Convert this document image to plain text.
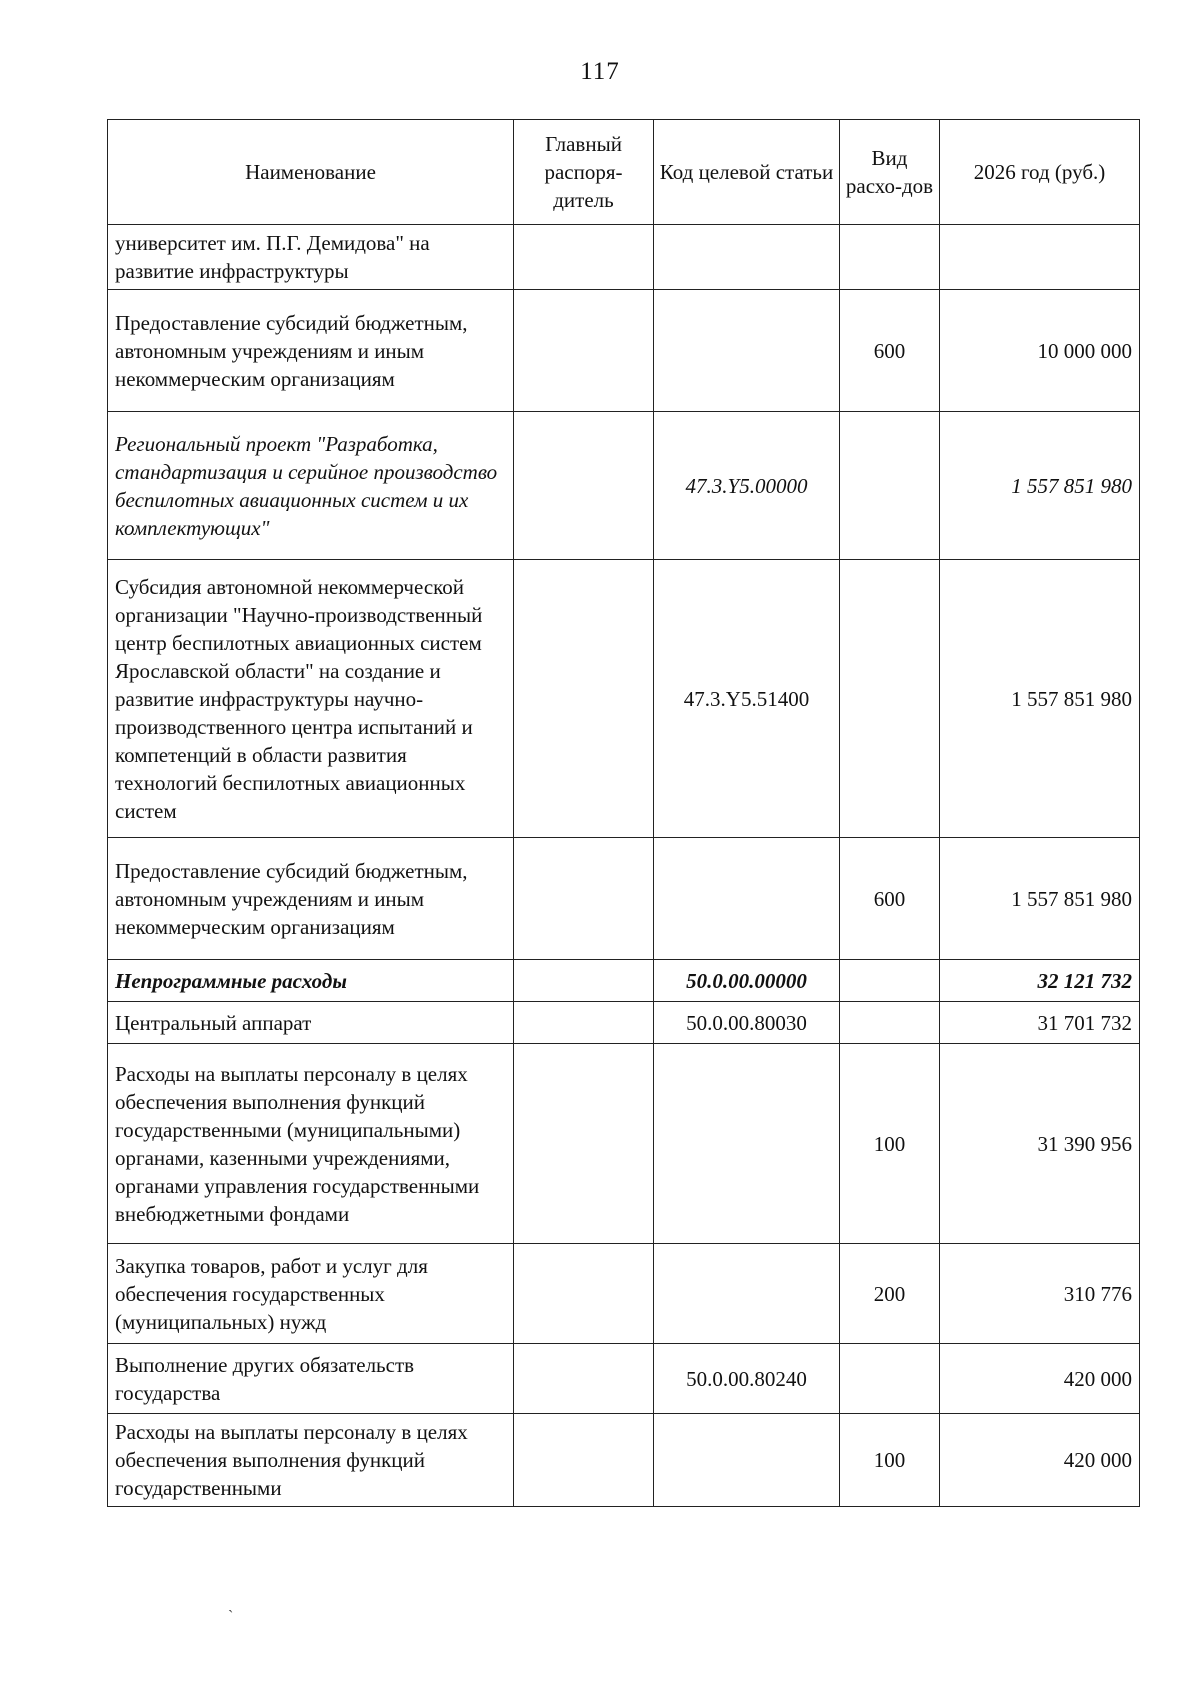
117
Наименование	Главный распоря-дитель	Код целевой статьи	Вид расхо-дов	2026 год (руб.)
университет им. П.Г. Демидова" на развитие инфраструктуры				
Предоставление субсидий бюджетным, автономным учреждениям и иным некоммерческим организациям			600	10 000 000
Региональный проект "Разработка, стандартизация и серийное производство беспилотных авиационных систем и их комплектующих"		47.3.Y5.00000		1 557 851 980
Субсидия автономной некоммерческой организации "Научно-производственный центр беспилотных авиационных систем Ярославской области" на создание и развитие инфраструктуры научно-производственного центра испытаний и компетенций в области развития технологий беспилотных авиационных систем		47.3.Y5.51400		1 557 851 980
Предоставление субсидий бюджетным, автономным учреждениям и иным некоммерческим организациям			600	1 557 851 980
Непрограммные расходы		50.0.00.00000		32 121 732
Центральный аппарат		50.0.00.80030		31 701 732
Расходы на выплаты персоналу в целях обеспечения выполнения функций государственными (муниципальными) органами, казенными учреждениями, органами управления государственными внебюджетными фондами			100	31 390 956
Закупка товаров, работ и услуг для обеспечения государственных (муниципальных) нужд			200	310 776
Выполнение других обязательств государства		50.0.00.80240		420 000
Расходы на выплаты персоналу в целях обеспечения выполнения функций государственными			100	420 000
`
